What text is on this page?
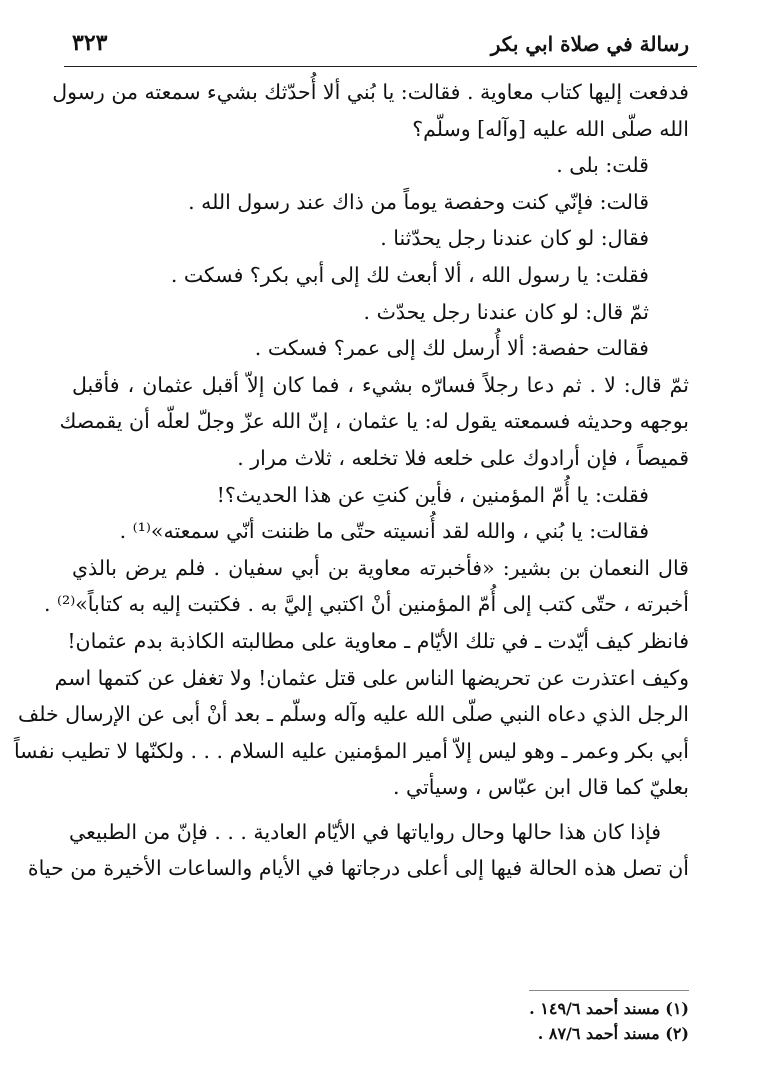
٣٢٣	رسالة في صلاة ابي بكر
فدفعت إليها كتاب معاوية . فقالت: يا بُني ألا أُحدّثك بشيء سمعته من رسول
الله صلّى الله عليه [وآله] وسلّم؟
قلت: بلى .
قالت: فإنّي كنت وحفصة يوماً من ذاك عند رسول الله .
فقال: لو كان عندنا رجل يحدّثنا .
فقلت: يا رسول الله ، ألا أبعث لك إلى أبي بكر؟ فسكت .
ثمّ قال: لو كان عندنا رجل يحدّث .
فقالت حفصة: ألا أُرسل لك إلى عمر؟ فسكت .
ثمّ قال: لا . ثم دعا رجلاً فسارّه بشيء ، فما كان إلاّ أقبل عثمان ، فأقبل
بوجهه وحديثه فسمعته يقول له: يا عثمان ، إنّ الله عزّ وجلّ لعلّه أن يقمصك
قميصاً ، فإن أرادوك على خلعه فلا تخلعه ، ثلاث مرار .
فقلت: يا أُمّ المؤمنين ، فأين كنتِ عن هذا الحديث؟!
فقالت: يا بُني ، والله لقد أُنسيته حتّى ما ظننت أنّي سمعته»⁽¹⁾ .
قال النعمان بن بشير: «فأخبرته معاوية بن أبي سفيان . فلم يرض بالذي
أخبرته ، حتّى كتب إلى أُمّ المؤمنين أنْ اكتبي إليَّ به . فكتبت إليه به كتاباً»⁽²⁾ .
فانظر كيف أيّدت ـ في تلك الأيّام ـ معاوية على مطالبته الكاذبة بدم عثمان!
وكيف اعتذرت عن تحريضها الناس على قتل عثمان! ولا تغفل عن كتمها اسم
الرجل الذي دعاه النبي صلّى الله عليه وآله وسلّم ـ بعد أنْ أبى عن الإرسال خلف
أبي بكر وعمر ـ وهو ليس إلاّ أمير المؤمنين عليه السلام . . . ولكنّها لا تطيب نفساً
بعليّ كما قال ابن عبّاس ، وسيأتي .
فإذا كان هذا حالها وحال رواياتها في الأيّام العادية . . . فإنّ من الطبيعي
أن تصل هذه الحالة فيها إلى أعلى درجاتها في الأيام والساعات الأخيرة من حياة
(١) مسند أحمد ١٤٩/٦ .
(٢) مسند أحمد ٨٧/٦ .
